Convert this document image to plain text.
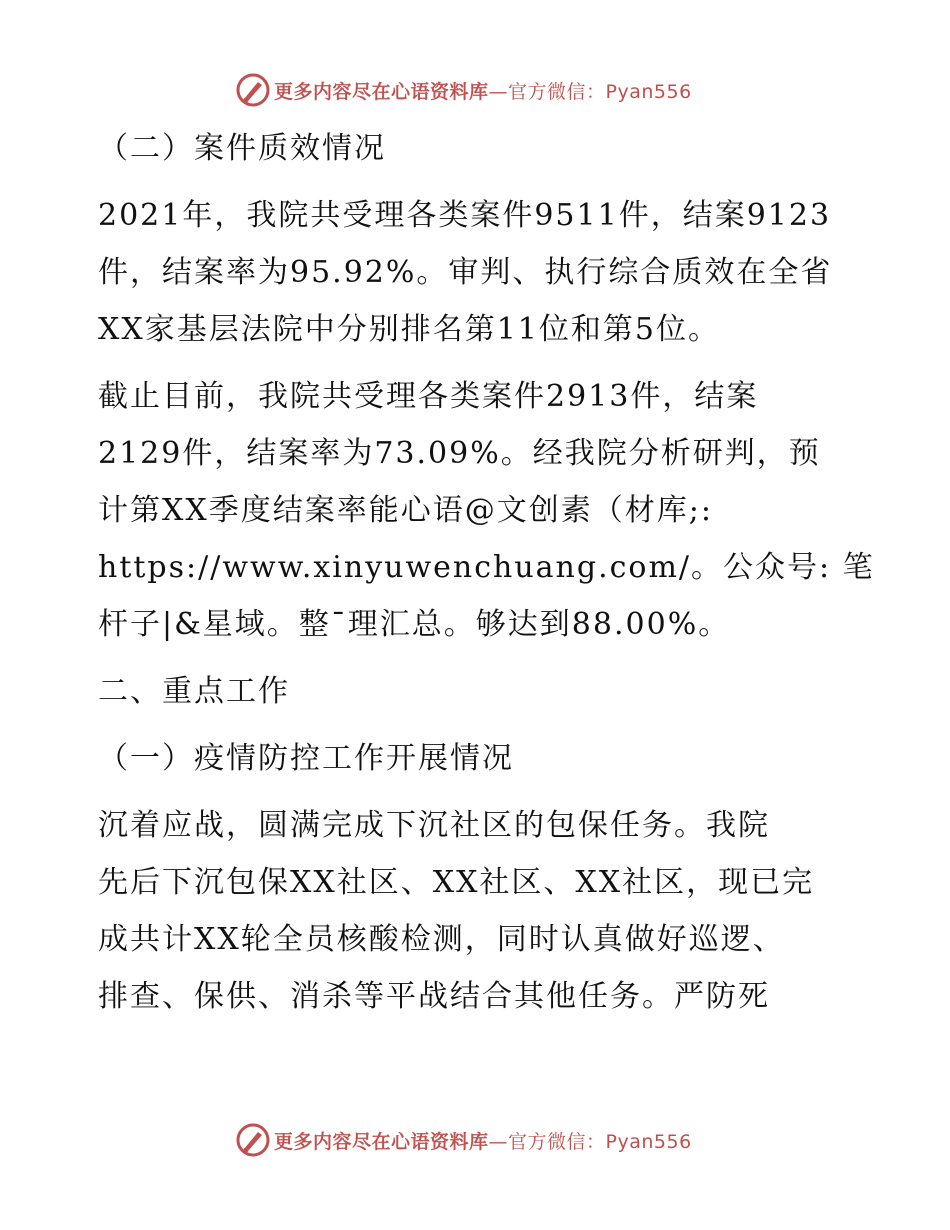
更多内容尽在心语资料库—官方微信：Pyan556
（二）案件质效情况
2021年，我院共受理各类案件9511件，结案9123
件，结案率为95.92%。审判、执行综合质效在全省
XX家基层法院中分别排名第11位和第5位。
截止目前，我院共受理各类案件2913件，结案
2129件，结案率为73.09%。经我院分析研判，预
计第XX季度结案率能心语@文创素（材库;:
https://www.xinyuwenchuang.com/。公众号: 笔
杆子|&星域。整¯理汇总。够达到88.00%。
二、重点工作
（一）疫情防控工作开展情况
沉着应战，圆满完成下沉社区的包保任务。我院
先后下沉包保XX社区、XX社区、XX社区，现已完
成共计XX轮全员核酸检测，同时认真做好巡逻、
排查、保供、消杀等平战结合其他任务。严防死
更多内容尽在心语资料库—官方微信：Pyan556
